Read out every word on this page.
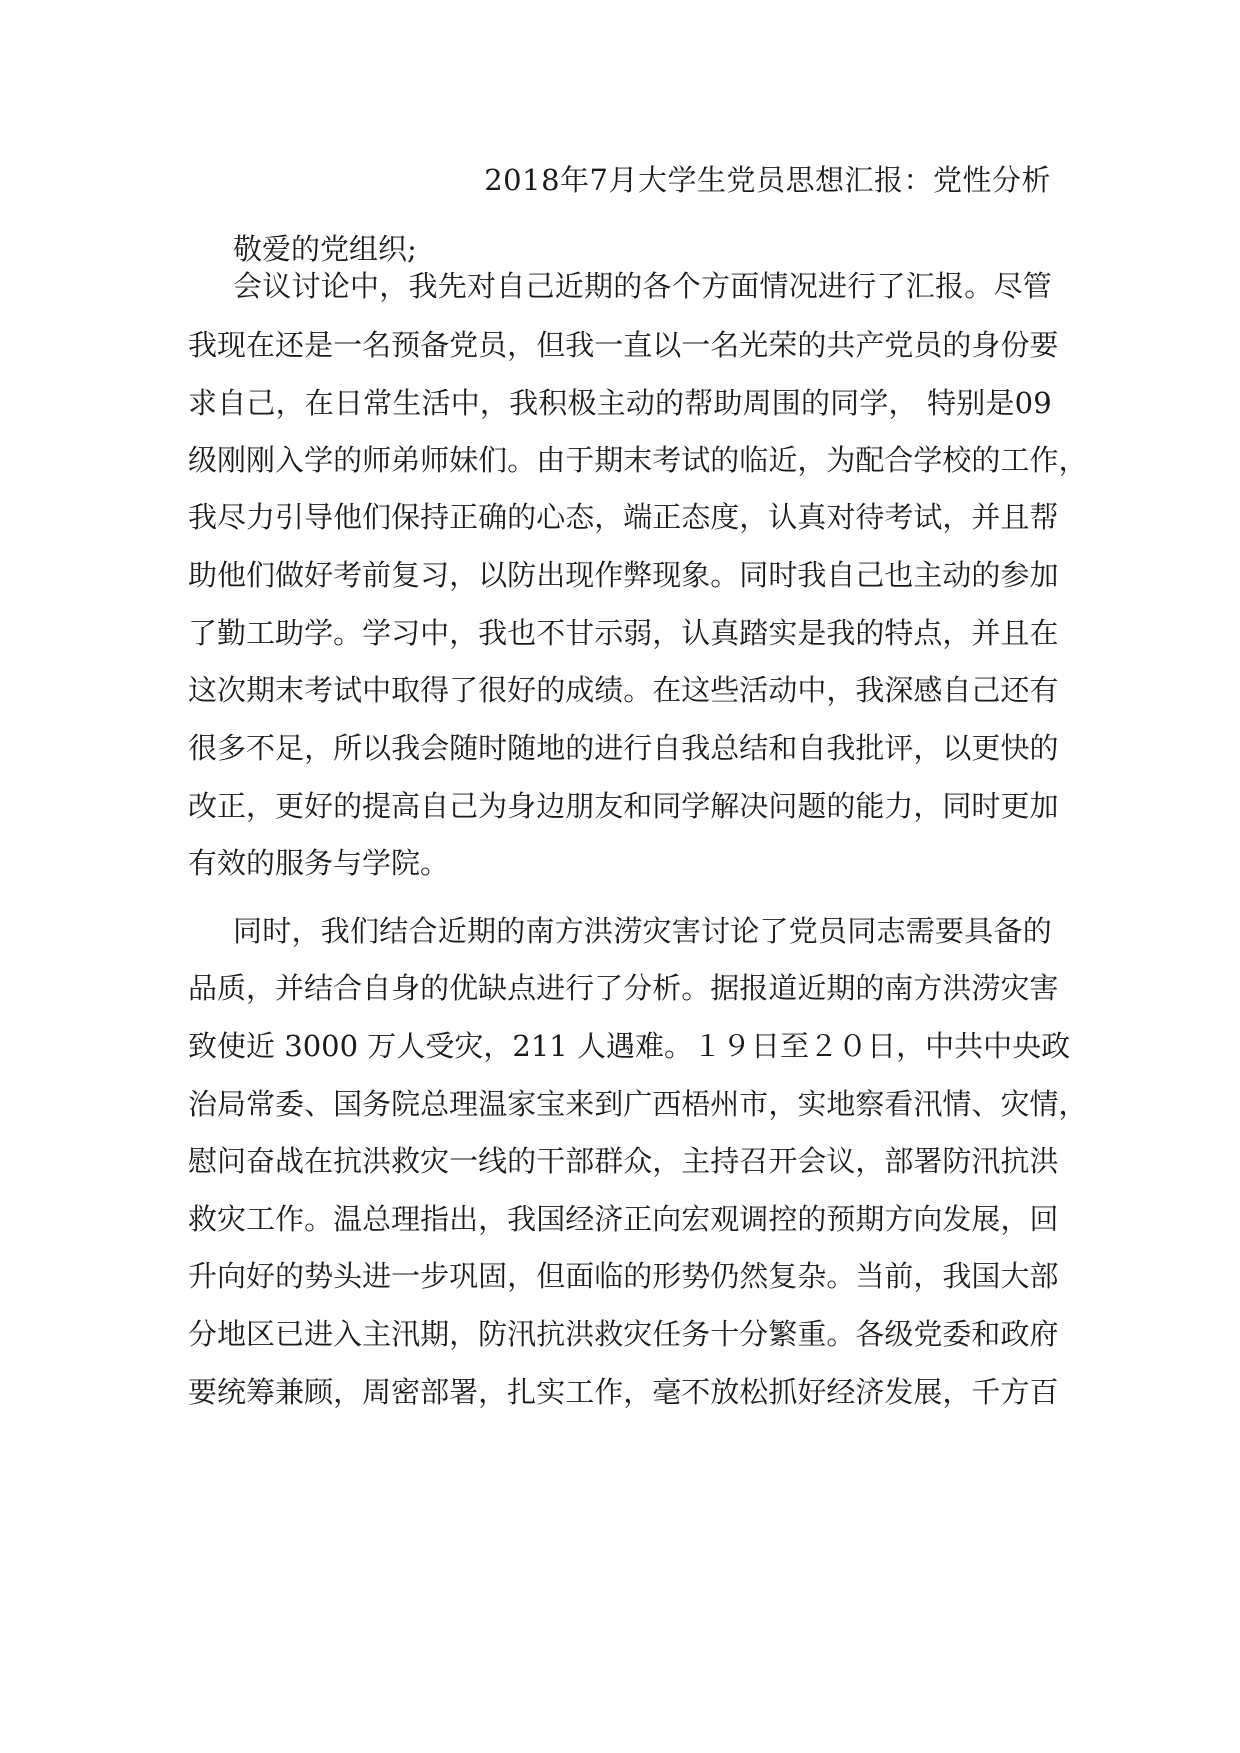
2018年7月大学生党员思想汇报：党性分析
敬爱的党组织;
会 议 讨 论 中 ， 我 先 对 自 己 近 期 的 各 个 方 面 情 况 进 行 了 汇 报 。 尽 管
我 现 在 还 是 一 名 预 备 党 员 ， 但 我 一 直 以 一 名 光 荣 的 共 产 党 员 的 身 份 要
求 自 己 ， 在 日 常 生 活 中 ， 我 积 极 主 动 的 帮 助 周 围 的 同 学 ，
特 别 是 0 9
级 刚 刚 入 学 的 师 弟 师 妹 们 。 由 于 期 末 考 试 的 临 近 ， 为 配 合 学 校 的 工 作 ，
我 尽 力 引 导 他 们 保 持 正 确 的 心 态 ， 端 正 态 度 ， 认 真 对 待 考 试 ， 并 且 帮
助 他 们 做 好 考 前 复 习 ， 以 防 出 现 作 弊 现 象 。 同 时 我 自 己 也 主 动 的 参 加
了 勤 工 助 学 。 学 习 中 ， 我 也 不 甘 示 弱 ， 认 真 踏 实 是 我 的 特 点 ， 并 且 在
这 次 期 末 考 试 中 取 得 了 很 好 的 成 绩 。 在 这 些 活 动 中 ， 我 深 感 自 己 还 有
很 多 不 足 ， 所 以 我 会 随 时 随 地 的 进 行 自 我 总 结 和 自 我 批 评 ， 以 更 快 的
改 正 ， 更 好 的 提 高 自 己 为 身 边 朋 友 和 同 学 解 决 问 题 的 能 力 ， 同 时 更 加
有效的服务与学院。
同 时 ， 我 们 结 合 近 期 的 南 方 洪 涝 灾 害 讨 论 了 党 员 同 志 需 要 具 备 的
品 质 ， 并 结 合 自 身 的 优 缺 点 进 行 了 分 析 。 据 报 道 近 期 的 南 方 洪 涝 灾 害
致 使 近
3 0 0 0
万 人 受 灾 ， 2 1 1
人 遇 难 。 １ ９ 日 至 ２ ０ 日 ， 中 共 中 央 政
治 局 常 委 、 国 务 院 总 理 温 家 宝 来 到 广 西 梧 州 市 ， 实 地 察 看 汛 情 、 灾 情 ，
慰 问 奋 战 在 抗 洪 救 灾 一 线 的 干 部 群 众 ， 主 持 召 开 会 议 ， 部 署 防 汛 抗 洪
救 灾 工 作 。 温 总 理 指 出 ， 我 国 经 济 正 向 宏 观 调 控 的 预 期 方 向 发 展 ， 回
升 向 好 的 势 头 进 一 步 巩 固 ， 但 面 临 的 形 势 仍 然 复 杂 。 当 前 ， 我 国 大 部
分 地 区 已 进 入 主 汛 期 ， 防 汛 抗 洪 救 灾 任 务 十 分 繁 重 。 各 级 党 委 和 政 府
要 统 筹 兼 顾 ， 周 密 部 署 ， 扎 实 工 作 ， 毫 不 放 松 抓 好 经 济 发 展 ， 千 方 百
